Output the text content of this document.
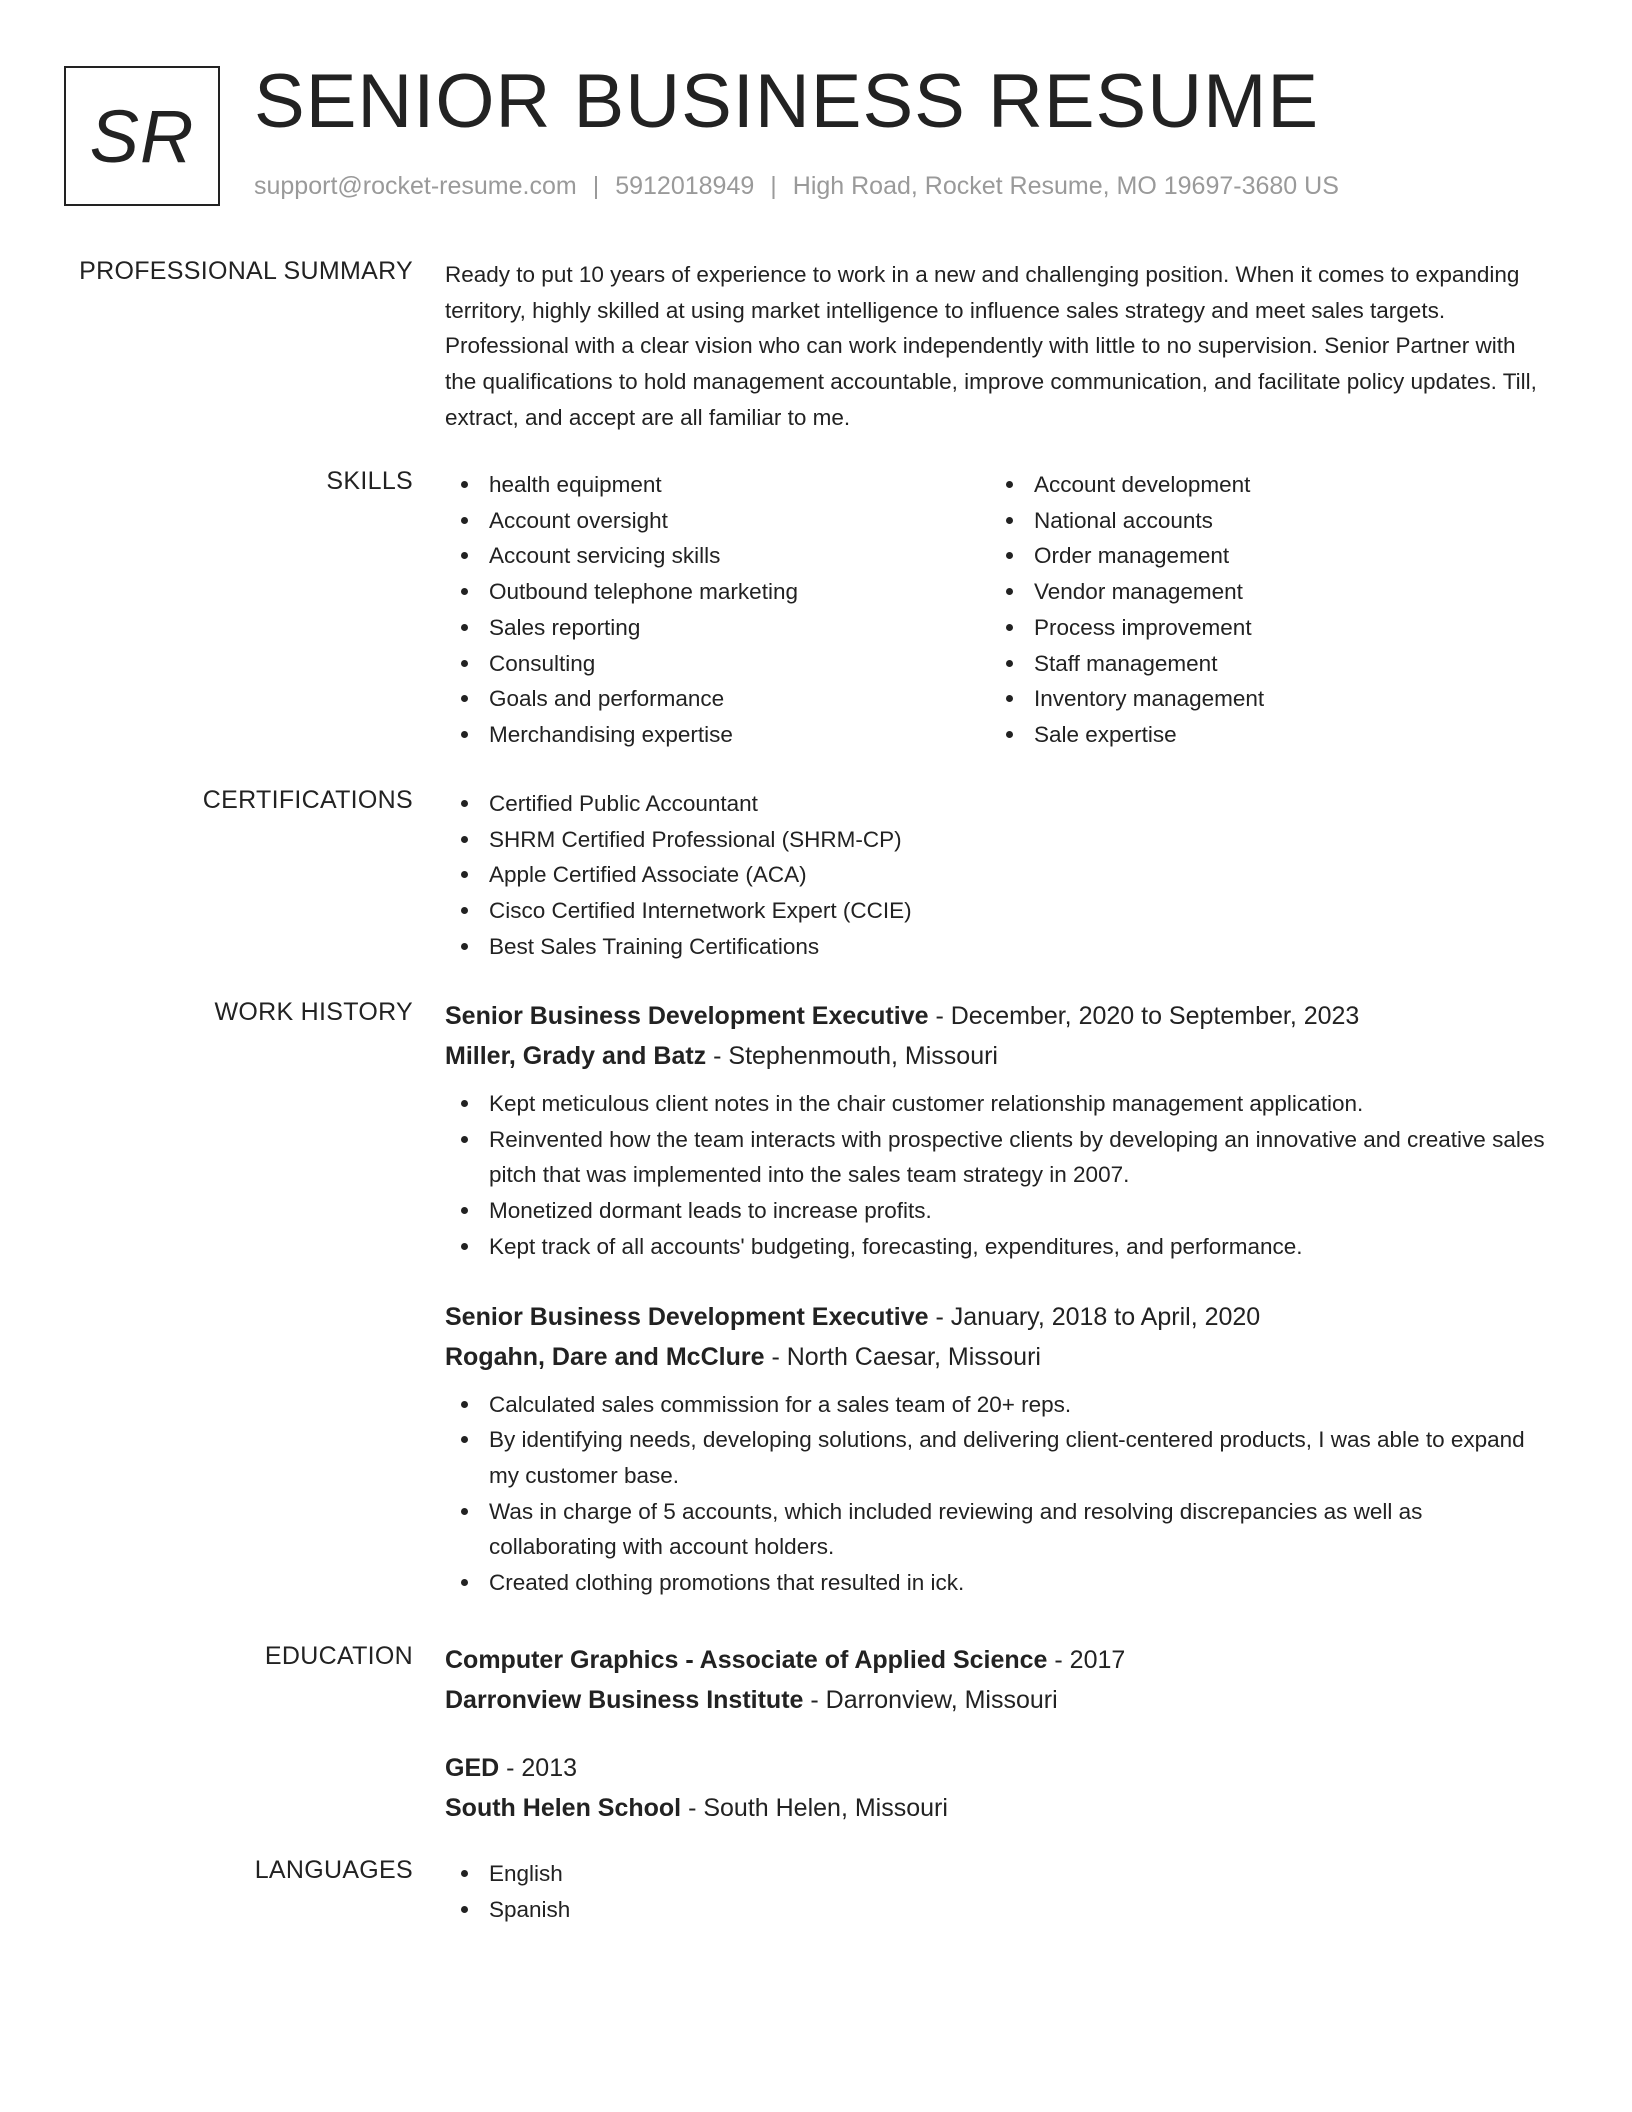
SR SENIOR BUSINESS RESUME
support@rocket-resume.com | 5912018949 | High Road, Rocket Resume, MO 19697-3680 US
PROFESSIONAL SUMMARY Ready to put 10 years of experience to work in a new and challenging position. When it comes to expanding territory, highly skilled at using market intelligence to influence sales strategy and meet sales targets. Professional with a clear vision who can work independently with little to no supervision. Senior Partner with the qualifications to hold management accountable, improve communication, and facilitate policy updates. Till, extract, and accept are all familiar to me.

SKILLS	health equipment
Account oversight
Account servicing skills
Outbound telephone marketing
Sales reporting
Consulting
Goals and performance
Merchandising expertise
Account development
National accounts
Order management
Vendor management
Process improvement
Staff management
Inventory management
Sale expertise
CERTIFICATIONS	Certified Public Accountant
SHRM Certified Professional (SHRM-CP)
Apple Certified Associate (ACA)
Cisco Certified Internetwork Expert (CCIE)
Best Sales Training Certifications
WORK HISTORY Senior Business Development Executive - December, 2020 to September, 2023
Miller, Grady and Batz - Stephenmouth, Missouri
Kept meticulous client notes in the chair customer relationship management application.
Reinvented how the team interacts with prospective clients by developing an innovative and creative sales pitch that was implemented into the sales team strategy in 2007.
Monetized dormant leads to increase profits.
Kept track of all accounts' budgeting, forecasting, expenditures, and performance.
Senior Business Development Executive - January, 2018 to April, 2020
Rogahn, Dare and McClure - North Caesar, Missouri
Calculated sales commission for a sales team of 20+ reps.
By identifying needs, developing solutions, and delivering client-centered products, I was able to expand my customer base.
Was in charge of 5 accounts, which included reviewing and resolving discrepancies as well as collaborating with account holders.
Created clothing promotions that resulted in ick.
EDUCATION Computer Graphics - Associate of Applied Science - 2017
Darronview Business Institute - Darronview, Missouri
GED - 2013
South Helen School - South Helen, Missouri
LANGUAGES	English
Spanish
